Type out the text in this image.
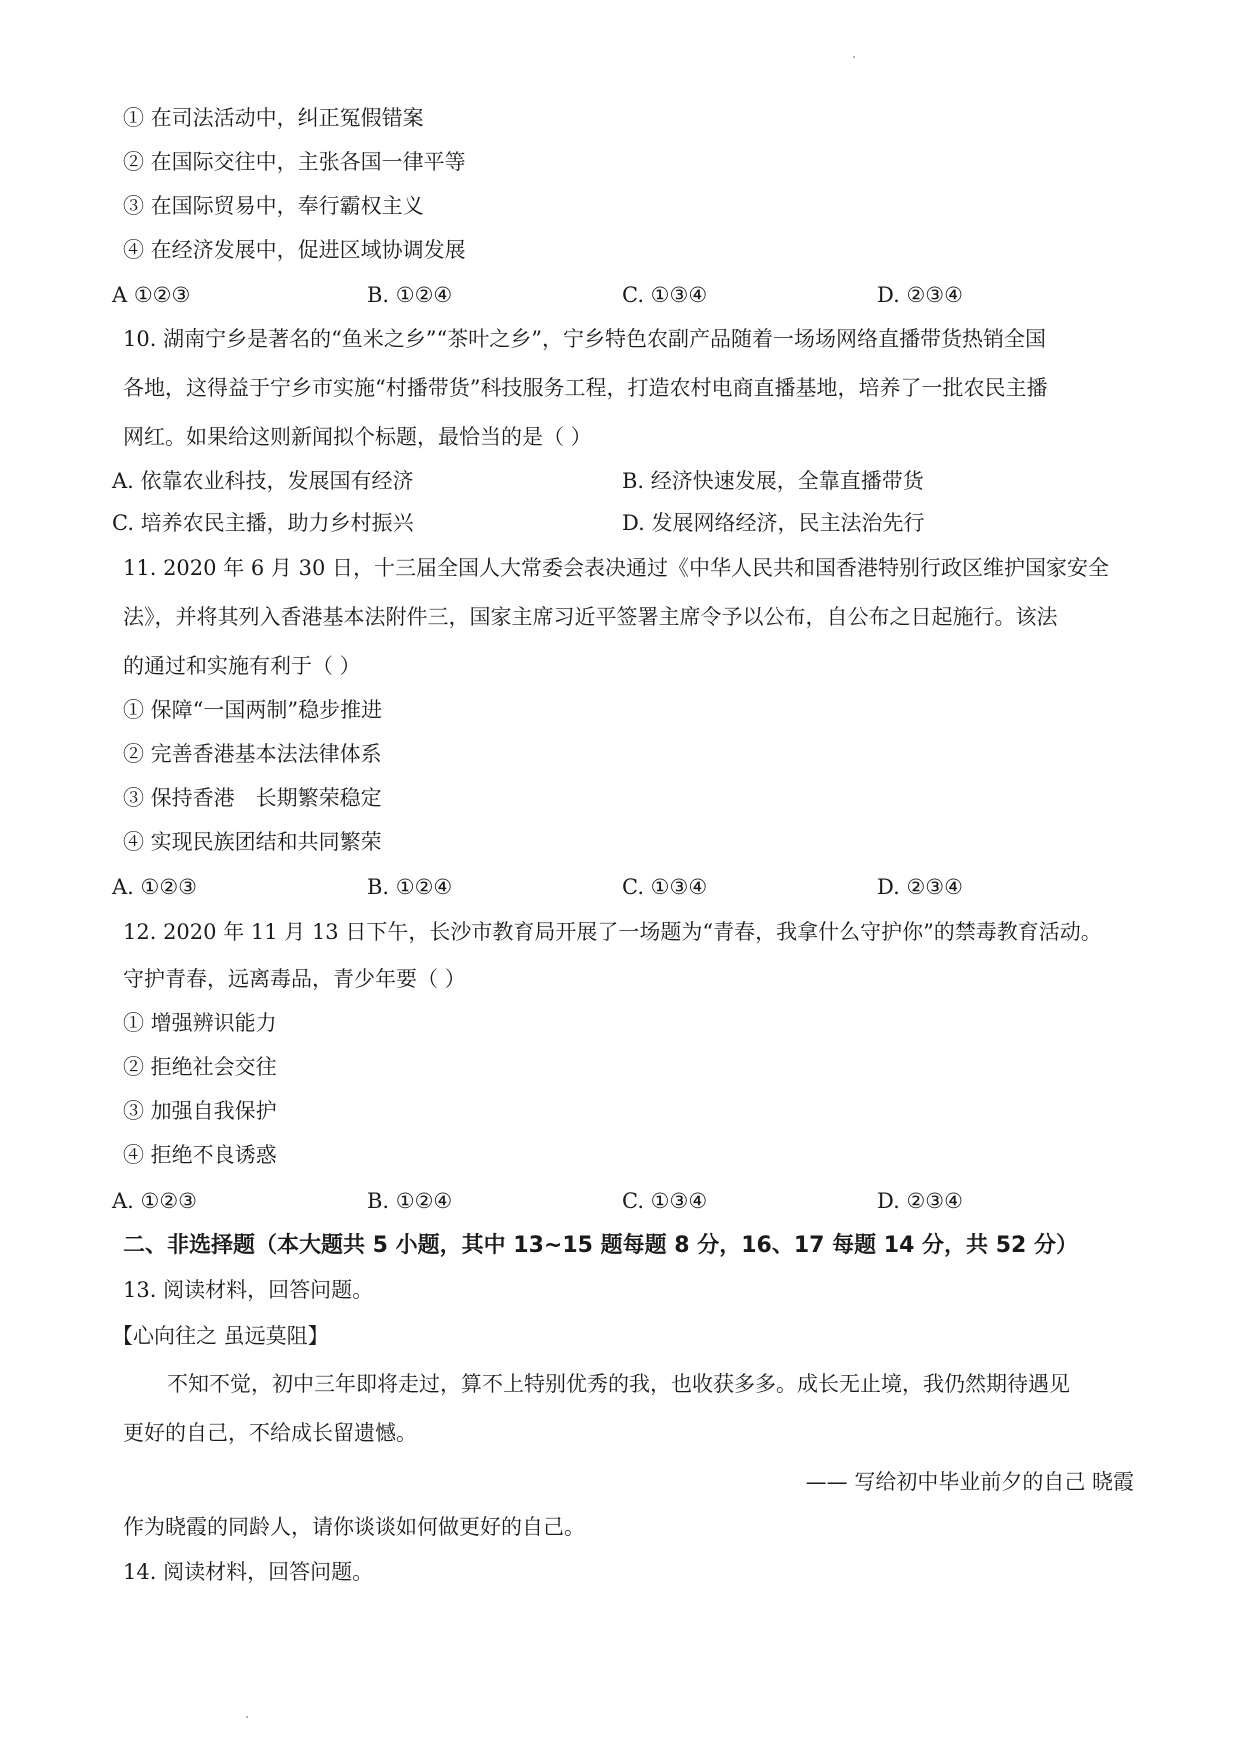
① 在司法活动中，纠正冤假错案
② 在国际交往中，主张各国一律平等
③ 在国际贸易中，奉行霸权主义
④ 在经济发展中，促进区域协调发展
A ①②③	B. ①②④	C. ①③④	D. ②③④
10. 湖南宁乡是著名的“鱼米之乡”“茶叶之乡”，宁乡特色农副产品随着一场场网络直播带货热销全国
各地，这得益于宁乡市实施“村播带货”科技服务工程，打造农村电商直播基地，培养了一批农民主播
网红。如果给这则新闻拟个标题，最恰当的是（ ）
A. 依靠农业科技，发展国有经济	B. 经济快速发展，全靠直播带货
C. 培养农民主播，助力乡村振兴	D. 发展网络经济，民主法治先行
11. 2020 年 6 月 30 日，十三届全国人大常委会表决通过《中华人民共和国香港特别行政区维护国家安全
法》，并将其列入香港基本法附件三，国家主席习近平签署主席令予以公布，自公布之日起施行。该法
的通过和实施有利于（ ）
① 保障“一国两制”稳步推进
② 完善香港基本法法律体系
③ 保持香港　长期繁荣稳定
④ 实现民族团结和共同繁荣
A. ①②③	B. ①②④	C. ①③④	D. ②③④
12. 2020 年 11 月 13 日下午，长沙市教育局开展了一场题为“青春，我拿什么守护你”的禁毒教育活动。
守护青春，远离毒品，青少年要（ ）
① 增强辨识能力
② 拒绝社会交往
③ 加强自我保护
④ 拒绝不良诱惑
A. ①②③	B. ①②④	C. ①③④	D. ②③④
二、非选择题（本大题共 5 小题，其中 13~15 题每题 8 分，16、17 每题 14 分，共 52 分）
13. 阅读材料，回答问题。
【心向往之 虽远莫阻】
不知不觉，初中三年即将走过，算不上特别优秀的我，也收获多多。成长无止境，我仍然期待遇见
更好的自己，不给成长留遗憾。
—— 写给初中毕业前夕的自己 晓霞
作为晓霞的同龄人，请你谈谈如何做更好的自己。
14. 阅读材料，回答问题。
